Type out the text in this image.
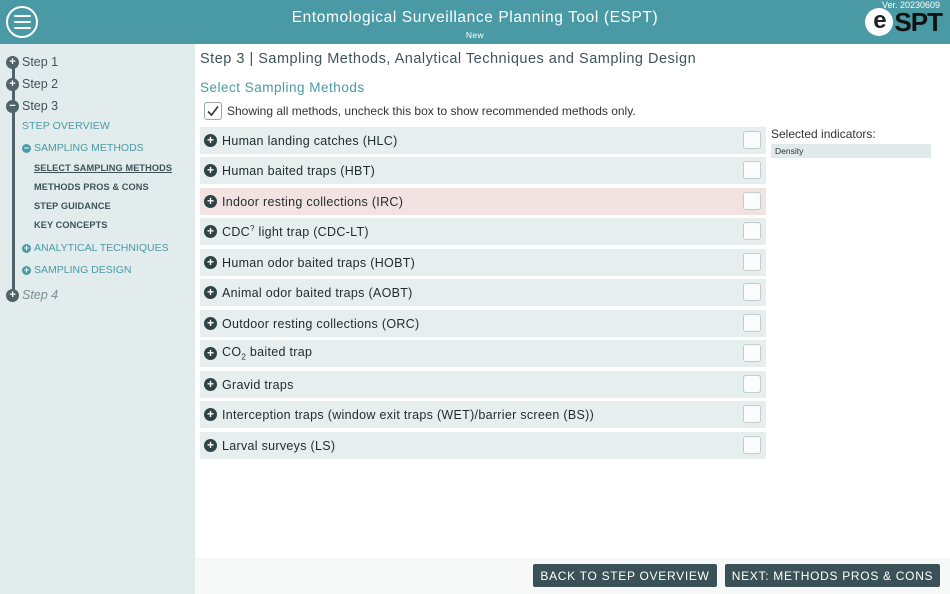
Entomological Surveillance Planning Tool (ESPT)
New
Ver. 20230609
e SPT
+ Step 1
+ Step 2
− Step 3
STEP OVERVIEW
− SAMPLING METHODS
SELECT SAMPLING METHODS
METHODS PROS & CONS
STEP GUIDANCE
KEY CONCEPTS
+ ANALYTICAL TECHNIQUES
+ SAMPLING DESIGN
+ Step 4
Step 3 | Sampling Methods, Analytical Techniques and Sampling Design
Select Sampling Methods
Showing all methods, uncheck this box to show recommended methods only.
+ Human landing catches (HLC)
+ Human baited traps (HBT)
+ Indoor resting collections (IRC)
+ CDC? light trap (CDC-LT)
+ Human odor baited traps (HOBT)
+ Animal odor baited traps (AOBT)
+ Outdoor resting collections (ORC)
+ $CO_2$ baited trap
+ Gravid traps
+ Interception traps (window exit traps (WET)/barrier screen (BS))
+ Larval surveys (LS)
Selected indicators:
Density
BACK TO STEP OVERVIEW	NEXT: METHODS PROS & CONS
